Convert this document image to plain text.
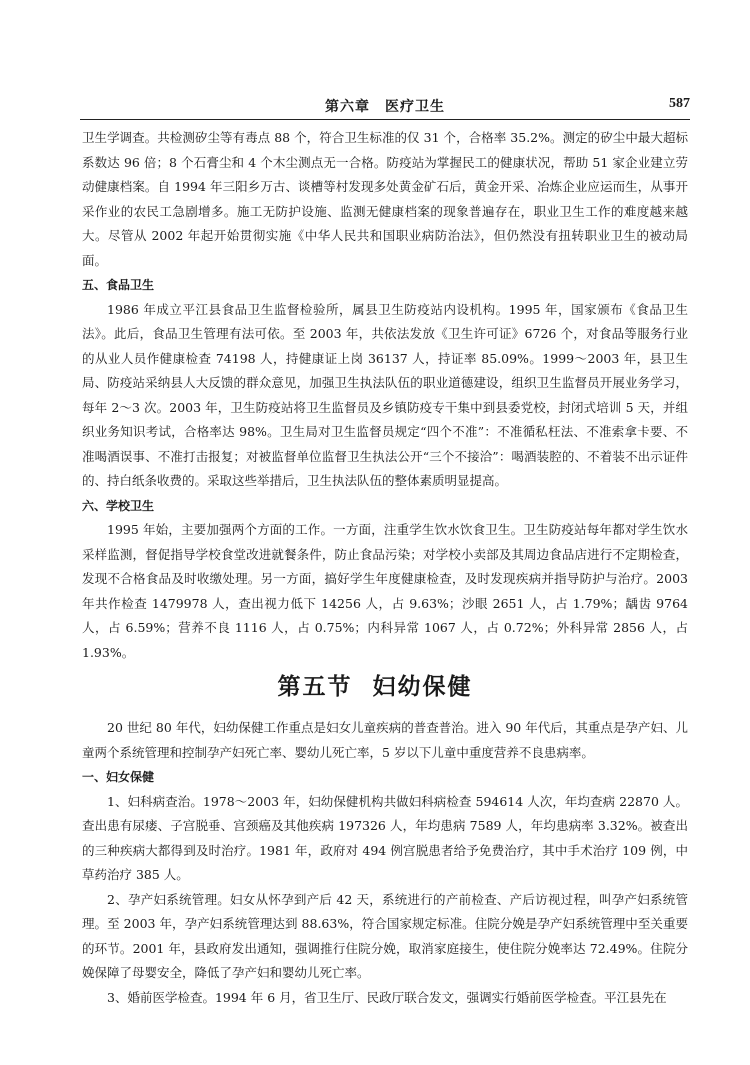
第六章　医疗卫生	587

卫生学调查。共检测矽尘等有毒点 88 个，符合卫生标准的仅 31 个，合格率 35.2%。测定的矽尘中最大超标系数达 96 倍；8 个石膏尘和 4 个木尘测点无一合格。防疫站为掌握民工的健康状况，帮助 51 家企业建立劳动健康档案。自 1994 年三阳乡万古、谈槽等村发现多处黄金矿石后，黄金开采、冶炼企业应运而生，从事开采作业的农民工急剧增多。施工无防护设施、监测无健康档案的现象普遍存在，职业卫生工作的难度越来越大。尽管从 2002 年起开始贯彻实施《中华人民共和国职业病防治法》，但仍然没有扭转职业卫生的被动局面。

五、食品卫生

1986 年成立平江县食品卫生监督检验所，属县卫生防疫站内设机构。1995 年，国家颁布《食品卫生法》。此后，食品卫生管理有法可依。至 2003 年，共依法发放《卫生许可证》6726 个，对食品等服务行业的从业人员作健康检查 74198 人，持健康证上岗 36137 人，持证率 85.09%。1999～2003 年，县卫生局、防疫站采纳县人大反馈的群众意见，加强卫生执法队伍的职业道德建设，组织卫生监督员开展业务学习，每年 2～3 次。2003 年，卫生防疫站将卫生监督员及乡镇防疫专干集中到县委党校，封闭式培训 5 天，并组织业务知识考试，合格率达 98%。卫生局对卫生监督员规定“四个不准”：不准循私枉法、不准索拿卡要、不准喝酒误事、不准打击报复；对被监督单位监督卫生执法公开“三个不接洽”：喝酒装腔的、不着装不出示证件的、持白纸条收费的。采取这些举措后，卫生执法队伍的整体素质明显提高。

六、学校卫生

1995 年始，主要加强两个方面的工作。一方面，注重学生饮水饮食卫生。卫生防疫站每年都对学生饮水采样监测，督促指导学校食堂改进就餐条件，防止食品污染；对学校小卖部及其周边食品店进行不定期检查，发现不合格食品及时收缴处理。另一方面，搞好学生年度健康检查，及时发现疾病并指导防护与治疗。2003 年共作检查 1479978 人，查出视力低下 14256 人，占 9.63%；沙眼 2651 人，占 1.79%；龋齿 9764 人，占 6.59%；营养不良 1116 人，占 0.75%；内科异常 1067 人，占 0.72%；外科异常 2856 人，占 1.93%。

第五节 妇幼保健

20 世纪 80 年代，妇幼保健工作重点是妇女儿童疾病的普查普治。进入 90 年代后，其重点是孕产妇、儿童两个系统管理和控制孕产妇死亡率、婴幼儿死亡率，5 岁以下儿童中重度营养不良患病率。

一、妇女保健

1、妇科病查治。1978～2003 年，妇幼保健机构共做妇科病检查 594614 人次，年均查病 22870 人。查出患有尿瘘、子宫脱垂、宫颈癌及其他疾病 197326 人，年均患病 7589 人，年均患病率 3.32%。被查出的三种疾病大都得到及时治疗。1981 年，政府对 494 例宫脱患者给予免费治疗，其中手术治疗 109 例，中草药治疗 385 人。

2、孕产妇系统管理。妇女从怀孕到产后 42 天，系统进行的产前检查、产后访视过程，叫孕产妇系统管理。至 2003 年，孕产妇系统管理达到 88.63%，符合国家规定标准。住院分娩是孕产妇系统管理中至关重要的环节。2001 年，县政府发出通知，强调推行住院分娩，取消家庭接生，使住院分娩率达 72.49%。住院分娩保障了母婴安全，降低了孕产妇和婴幼儿死亡率。

3、婚前医学检查。1994 年 6 月，省卫生厅、民政厅联合发文，强调实行婚前医学检查。平江县先在
